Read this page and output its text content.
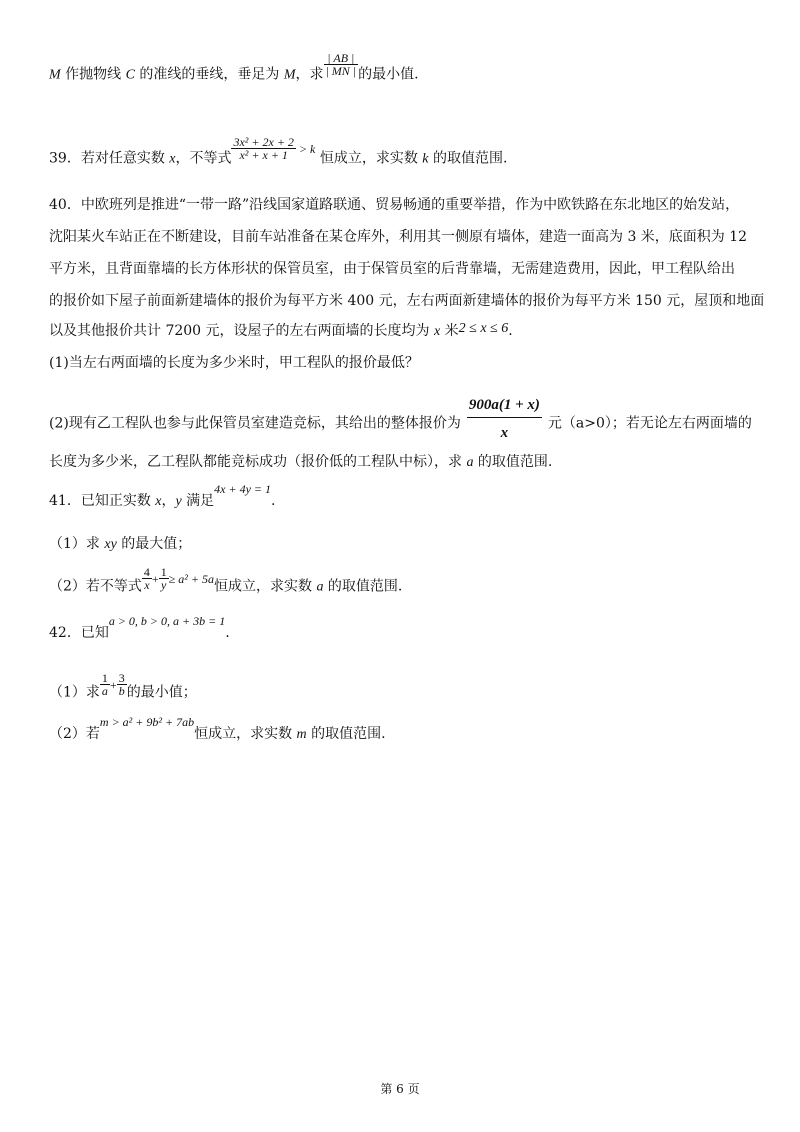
M 作抛物线 C 的准线的垂线，垂足为 M，求 $\frac{| AB |}{| MN |}$ 的最小值.
39．若对任意实数 x，不等式 $\frac{\text{3x² + 2x + 2}}{\text{x² + x + 1}} > k$ 恒成立，求实数 k 的取值范围.
40．中欧班列是推进“一带一路”沿线国家道路联通、贸易畅通的重要举措，作为中欧铁路在东北地区的始发站，
沈阳某火车站正在不断建设，目前车站准备在某仓库外，利用其一侧原有墙体，建造一面高为 3 米，底面积为 12
平方米，且背面靠墙的长方体形状的保管员室，由于保管员室的后背靠墙，无需建造费用，因此，甲工程队给出
的报价如下屋子前面新建墙体的报价为每平方米 400 元，左右两面新建墙体的报价为每平方米 150 元，屋顶和地面
以及其他报价共计 7200 元，设屋子的左右两面墙的长度均为 x 米2 ≤ x ≤ 6.
(1)当左右两面墙的长度为多少米时，甲工程队的报价最低？
(2)现有乙工程队也参与此保管员室建造竞标，其给出的整体报价为 $\frac{900a(1 + x)}{x}$ 元（a>0）；若无论左右两面墙的
长度为多少米，乙工程队都能竞标成功（报价低的工程队中标），求 a 的取值范围.
41．已知正实数 x，y 满足4x + 4y = 1.
（1）求 xy 的最大值；
（2）若不等式 $\frac{4}{x} + \frac{1}{y} \ge a^2 + 5a$恒成立，求实数 a 的取值范围.
42．已知a > 0, b > 0, a + 3b = 1.
（1）求 $\frac{1}{a} + \frac{3}{b}$ 的最小值；
（2）若m > a² + 9b² + 7ab恒成立，求实数 m 的取值范围.
第 6 页
